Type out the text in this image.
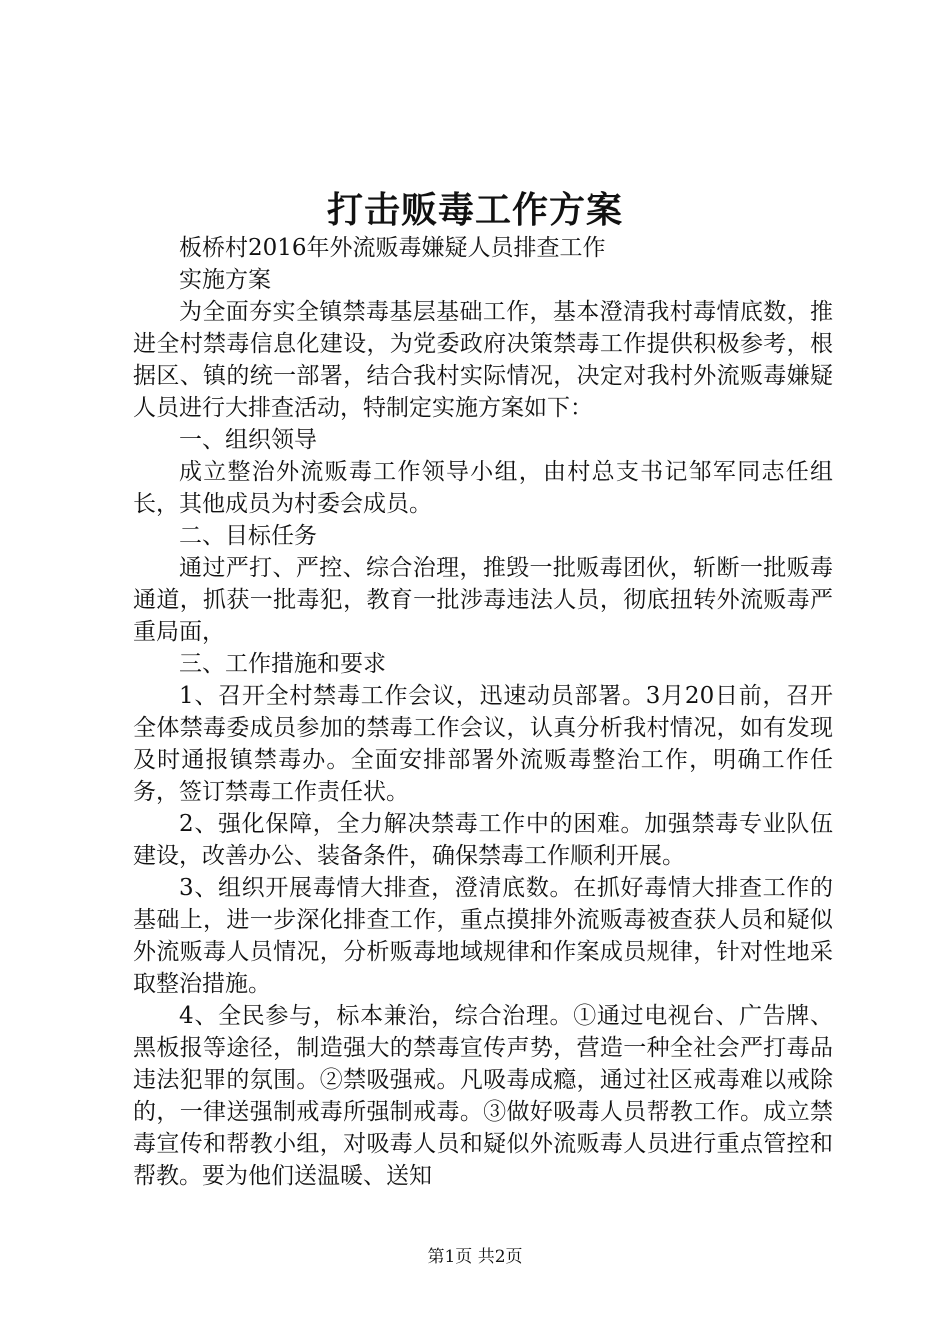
打击贩毒工作方案

板桥村2016年外流贩毒嫌疑人员排查工作

实施方案

为全面夯实全镇禁毒基层基础工作，基本澄清我村毒情底数，推进全村禁毒信息化建设，为党委政府决策禁毒工作提供积极参考，根据区、镇的统一部署，结合我村实际情况，决定对我村外流贩毒嫌疑人员进行大排查活动，特制定实施方案如下：

一、组织领导

成立整治外流贩毒工作领导小组，由村总支书记邹军同志任组长，其他成员为村委会成员。

二、目标任务

通过严打、严控、综合治理，推毁一批贩毒团伙，斩断一批贩毒通道，抓获一批毒犯，教育一批涉毒违法人员，彻底扭转外流贩毒严重局面，

三、工作措施和要求

1、召开全村禁毒工作会议，迅速动员部署。3月20日前，召开全体禁毒委成员参加的禁毒工作会议，认真分析我村情况，如有发现及时通报镇禁毒办。全面安排部署外流贩毒整治工作，明确工作任务，签订禁毒工作责任状。

2、强化保障，全力解决禁毒工作中的困难。加强禁毒专业队伍建设，改善办公、装备条件，确保禁毒工作顺利开展。

3、组织开展毒情大排查，澄清底数。在抓好毒情大排查工作的基础上，进一步深化排查工作，重点摸排外流贩毒被查获人员和疑似外流贩毒人员情况，分析贩毒地域规律和作案成员规律，针对性地采取整治措施。

4、全民参与，标本兼治，综合治理。①通过电视台、广告牌、黑板报等途径，制造强大的禁毒宣传声势，营造一种全社会严打毒品违法犯罪的氛围。②禁吸强戒。凡吸毒成瘾，通过社区戒毒难以戒除的，一律送强制戒毒所强制戒毒。③做好吸毒人员帮教工作。成立禁毒宣传和帮教小组，对吸毒人员和疑似外流贩毒人员进行重点管控和帮教。要为他们送温暖、送知

第1页 共2页
